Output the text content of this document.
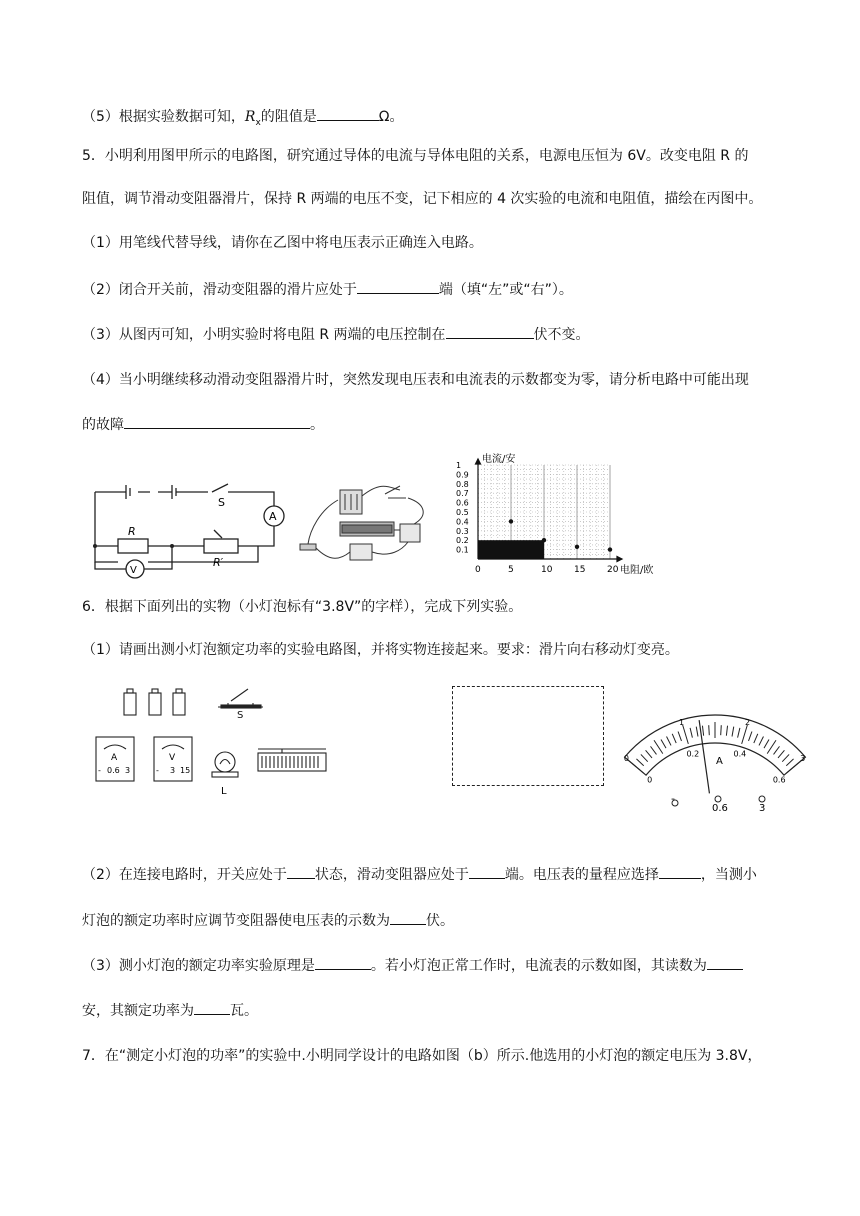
（5）根据实验数据可知，$R_x$的阻值是	Ω。
5．小明利用图甲所示的电路图，研究通过导体的电流与导体电阻的关系，电源电压恒为 6V。改变电阻 R 的
阻值，调节滑动变阻器滑片，保持 R 两端的电压不变，记下相应的 4 次实验的电流和电阻值，描绘在丙图中。
（1）用笔线代替导线，请你在乙图中将电压表示正确连入电路。
（2）闭合开关前，滑动变阻器的滑片应处于	端（填“左”或“右”）。
（3）从图丙可知，小明实验时将电阻 R 两端的电压控制在	伏不变。
（4）当小明继续移动滑动变阻器滑片时，突然发现电压表和电流表的示数都变为零，请分析电路中可能出现
的故障	。
S
A
R
R′
V
0.1
0.2
0.3
0.4
0.5
0.6
0.7
0.8
0.9
1
0	5	10 15 20
电流/安
电阻/欧
6．根据下面列出的实物（小灯泡标有“3.8V”的字样），完成下列实验。
（1）请画出测小灯泡额定功率的实验电路图，并将实物连接起来。要求：滑片向右移动灯变亮。
A
- 0.6 3
V
- 3 15
L
S
0
1	2
3
0
0.2	0.4
0.6
A
-
0.6	3
（2）在连接电路时，开关应处于 状态，滑动变阻器应处于	端。电压表的量程应选择	，当测小
灯泡的额定功率时应调节变阻器使电压表的示数为	伏。
（3）测小灯泡的额定功率实验原理是	。若小灯泡正常工作时，电流表的示数如图，其读数为
安，其额定功率为	瓦。
7．在“测定小灯泡的功率”的实验中.小明同学设计的电路如图（b）所示.他选用的小灯泡的额定电压为 3.8V，
